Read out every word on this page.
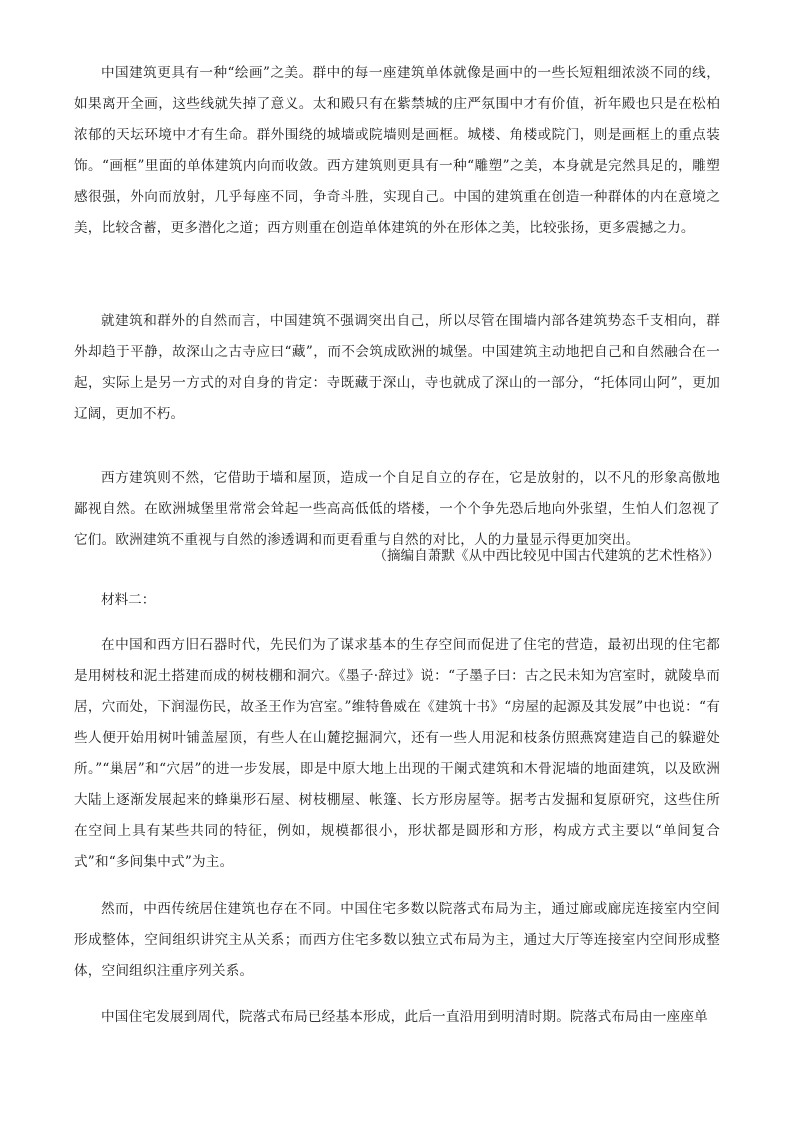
中国建筑更具有一种“绘画”之美。群中的每一座建筑单体就像是画中的一些长短粗细浓淡不同的线，如果离开全画，这些线就失掉了意义。太和殿只有在紫禁城的庄严氛围中才有价值，祈年殿也只是在松柏浓郁的天坛环境中才有生命。群外围绕的城墙或院墙则是画框。城楼、角楼或院门，则是画框上的重点装饰。“画框”里面的单体建筑内向而收敛。西方建筑则更具有一种“雕塑”之美，本身就是完然具足的，雕塑感很强，外向而放射，几乎每座不同，争奇斗胜，实现自己。中国的建筑重在创造一种群体的内在意境之美，比较含蓄，更多潜化之道；西方则重在创造单体建筑的外在形体之美，比较张扬，更多震撼之力。

就建筑和群外的自然而言，中国建筑不强调突出自己，所以尽管在围墙内部各建筑势态千支相向，群外却趋于平静，故深山之古寺应曰“藏”，而不会筑成欧洲的城堡。中国建筑主动地把自己和自然融合在一起，实际上是另一方式的对自身的肯定：寺既藏于深山，寺也就成了深山的一部分，“托体同山阿”，更加辽阔，更加不朽。

西方建筑则不然，它借助于墙和屋顶，造成一个自足自立的存在，它是放射的，以不凡的形象高傲地鄙视自然。在欧洲城堡里常常会耸起一些高高低低的塔楼，一个个争先恐后地向外张望，生怕人们忽视了它们。欧洲建筑不重视与自然的渗透调和而更看重与自然的对比，人的力量显示得更加突出。

（摘编自萧默《从中西比较见中国古代建筑的艺术性格》）

材料二：

在中国和西方旧石器时代，先民们为了谋求基本的生存空间而促进了住宅的营造，最初出现的住宅都是用树枝和泥土搭建而成的树枝棚和洞穴。《墨子·辞过》说：“子墨子曰：古之民未知为宫室时，就陵阜而居，穴而处，下润湿伤民，故圣王作为宫室。”维特鲁威在《建筑十书》“房屋的起源及其发展”中也说：“有些人便开始用树叶铺盖屋顶，有些人在山麓挖掘洞穴，还有一些人用泥和枝条仿照燕窝建造自己的躲避处所。”“巢居”和“穴居”的进一步发展，即是中原大地上出现的干阑式建筑和木骨泥墙的地面建筑，以及欧洲大陆上逐渐发展起来的蜂巢形石屋、树枝棚屋、帐篷、长方形房屋等。据考古发掘和复原研究，这些住所在空间上具有某些共同的特征，例如，规模都很小，形状都是圆形和方形，构成方式主要以“单间复合式”和“多间集中式”为主。

然而，中西传统居住建筑也存在不同。中国住宅多数以院落式布局为主，通过廊或廊庑连接室内空间形成整体，空间组织讲究主从关系；而西方住宅多数以独立式布局为主，通过大厅等连接室内空间形成整体，空间组织注重序列关系。

中国住宅发展到周代，院落式布局已经基本形成，此后一直沿用到明清时期。院落式布局由一座座单
